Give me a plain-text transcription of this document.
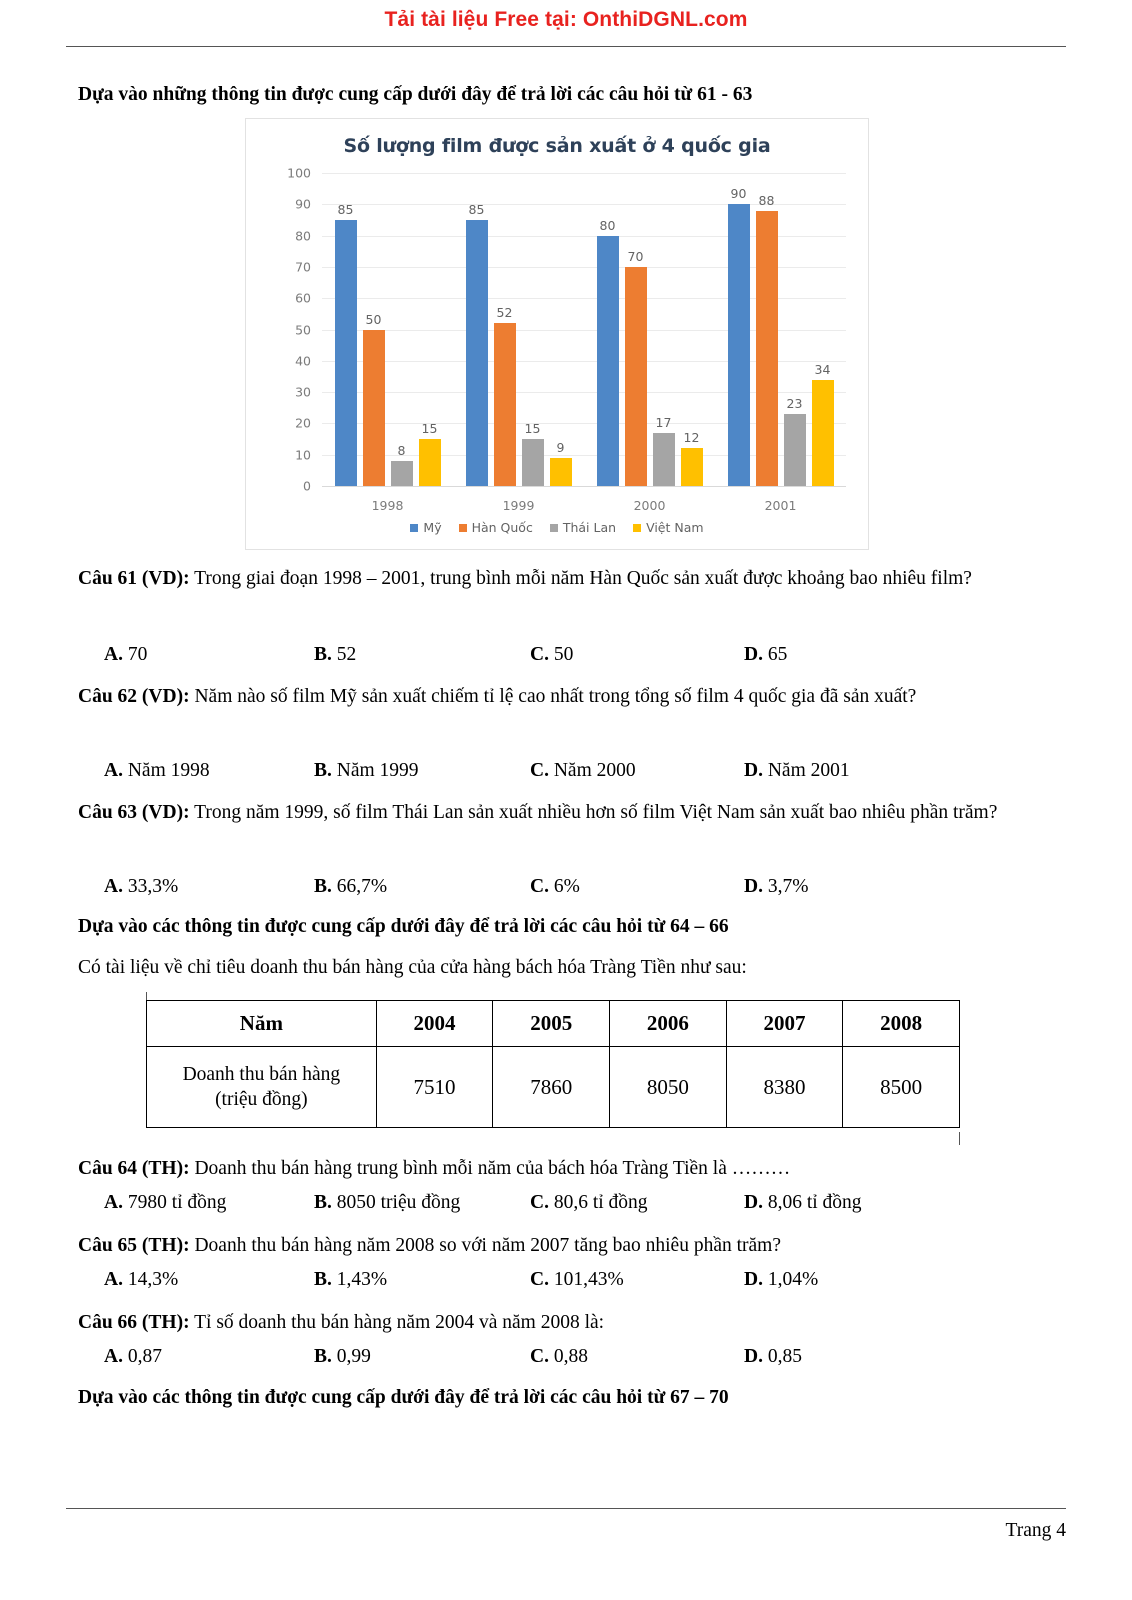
Tải tài liệu Free tại: OnthiDGNL.com
Dựa vào những thông tin được cung cấp dưới đây để trả lời các câu hỏi từ 61 - 63
Số lượng film được sản xuất ở 4 quốc gia
0
10
20
30
40
50
60
70
80
90
100
85
50
8
15
1998
85
52
15
9
1999
80
70
17
12
2000
90 88
23
34
2001
Mỹ Hàn Quốc Thái Lan Việt Nam
Câu 61 (VD): Trong giai đoạn 1998 – 2001, trung bình mỗi năm Hàn Quốc sản xuất được khoảng bao nhiêu film?
A. 70	B. 52	C. 50	D. 65
Câu 62 (VD): Năm nào số film Mỹ sản xuất chiếm tỉ lệ cao nhất trong tổng số film 4 quốc gia đã sản xuất?
A. Năm 1998	B. Năm 1999	C. Năm 2000	D. Năm 2001
Câu 63 (VD): Trong năm 1999, số film Thái Lan sản xuất nhiều hơn số film Việt Nam sản xuất bao nhiêu phần trăm?
A. 33,3%	B. 66,7%	C. 6%	D. 3,7%
Dựa vào các thông tin được cung cấp dưới đây để trả lời các câu hỏi từ 64 – 66
Có tài liệu về chỉ tiêu doanh thu bán hàng của cửa hàng bách hóa Tràng Tiền như sau:
Năm	2004	2005	2006	2007	2008

Doanh thu bán hàng
(triệu đồng)	7510	7860	8050	8380	8500
Câu 64 (TH): Doanh thu bán hàng trung bình mỗi năm của bách hóa Tràng Tiền là ………
A. 7980 tỉ đồng	B. 8050 triệu đồng	C. 80,6 tỉ đồng	D. 8,06 tỉ đồng
Câu 65 (TH): Doanh thu bán hàng năm 2008 so với năm 2007 tăng bao nhiêu phần trăm?
A. 14,3%	B. 1,43%	C. 101,43%	D. 1,04%
Câu 66 (TH): Tỉ số doanh thu bán hàng năm 2004 và năm 2008 là:
A. 0,87	B. 0,99	C. 0,88	D. 0,85
Dựa vào các thông tin được cung cấp dưới đây để trả lời các câu hỏi từ 67 – 70
Trang 4
